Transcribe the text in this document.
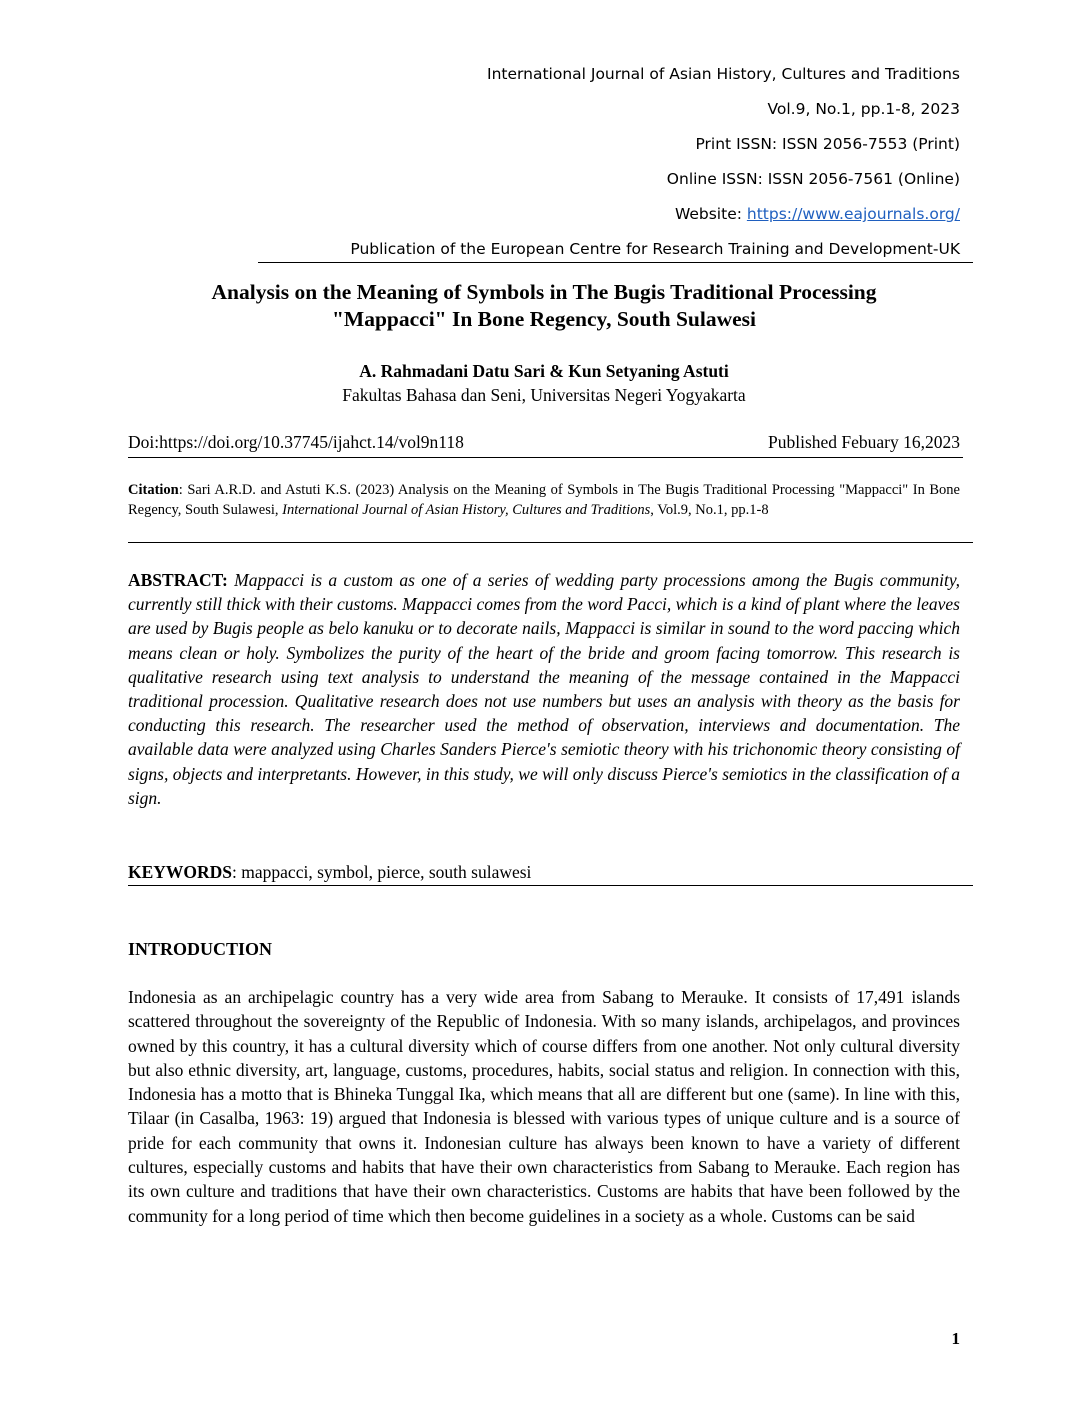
International Journal of Asian History, Cultures and Traditions
Vol.9, No.1, pp.1-8, 2023
Print ISSN: ISSN 2056-7553 (Print)
Online ISSN: ISSN 2056-7561 (Online)
Website: https://www.eajournals.org/
Publication of the European Centre for Research Training and Development-UK
Analysis on the Meaning of Symbols in The Bugis Traditional Processing
"Mappacci" In Bone Regency, South Sulawesi
A. Rahmadani Datu Sari & Kun Setyaning Astuti
Fakultas Bahasa dan Seni, Universitas Negeri Yogyakarta
Doi:https://doi.org/10.37745/ijahct.14/vol9n118	Published Febuary 16,2023
Citation: Sari A.R.D. and Astuti K.S. (2023) Analysis on the Meaning of Symbols in The Bugis Traditional Processing "Mappacci" In Bone Regency, South Sulawesi, International Journal of Asian History, Cultures and Traditions, Vol.9, No.1, pp.1-8
ABSTRACT: Mappacci is a custom as one of a series of wedding party processions among the Bugis community, currently still thick with their customs. Mappacci comes from the word Pacci, which is a kind of plant where the leaves are used by Bugis people as belo kanuku or to decorate nails, Mappacci is similar in sound to the word paccing which means clean or holy. Symbolizes the purity of the heart of the bride and groom facing tomorrow. This research is qualitative research using text analysis to understand the meaning of the message contained in the Mappacci traditional procession. Qualitative research does not use numbers but uses an analysis with theory as the basis for conducting this research. The researcher used the method of observation, interviews and documentation. The available data were analyzed using Charles Sanders Pierce's semiotic theory with his trichonomic theory consisting of signs, objects and interpretants. However, in this study, we will only discuss Pierce's semiotics in the classification of a sign.
KEYWORDS: mappacci, symbol, pierce, south sulawesi
INTRODUCTION
Indonesia as an archipelagic country has a very wide area from Sabang to Merauke. It consists of 17,491 islands scattered throughout the sovereignty of the Republic of Indonesia. With so many islands, archipelagos, and provinces owned by this country, it has a cultural diversity which of course differs from one another. Not only cultural diversity but also ethnic diversity, art, language, customs, procedures, habits, social status and religion. In connection with this, Indonesia has a motto that is Bhineka Tunggal Ika, which means that all are different but one (same). In line with this, Tilaar (in Casalba, 1963: 19) argued that Indonesia is blessed with various types of unique culture and is a source of pride for each community that owns it. Indonesian culture has always been known to have a variety of different cultures, especially customs and habits that have their own characteristics from Sabang to Merauke. Each region has its own culture and traditions that have their own characteristics. Customs are habits that have been followed by the community for a long period of time which then become guidelines in a society as a whole. Customs can be said
1
